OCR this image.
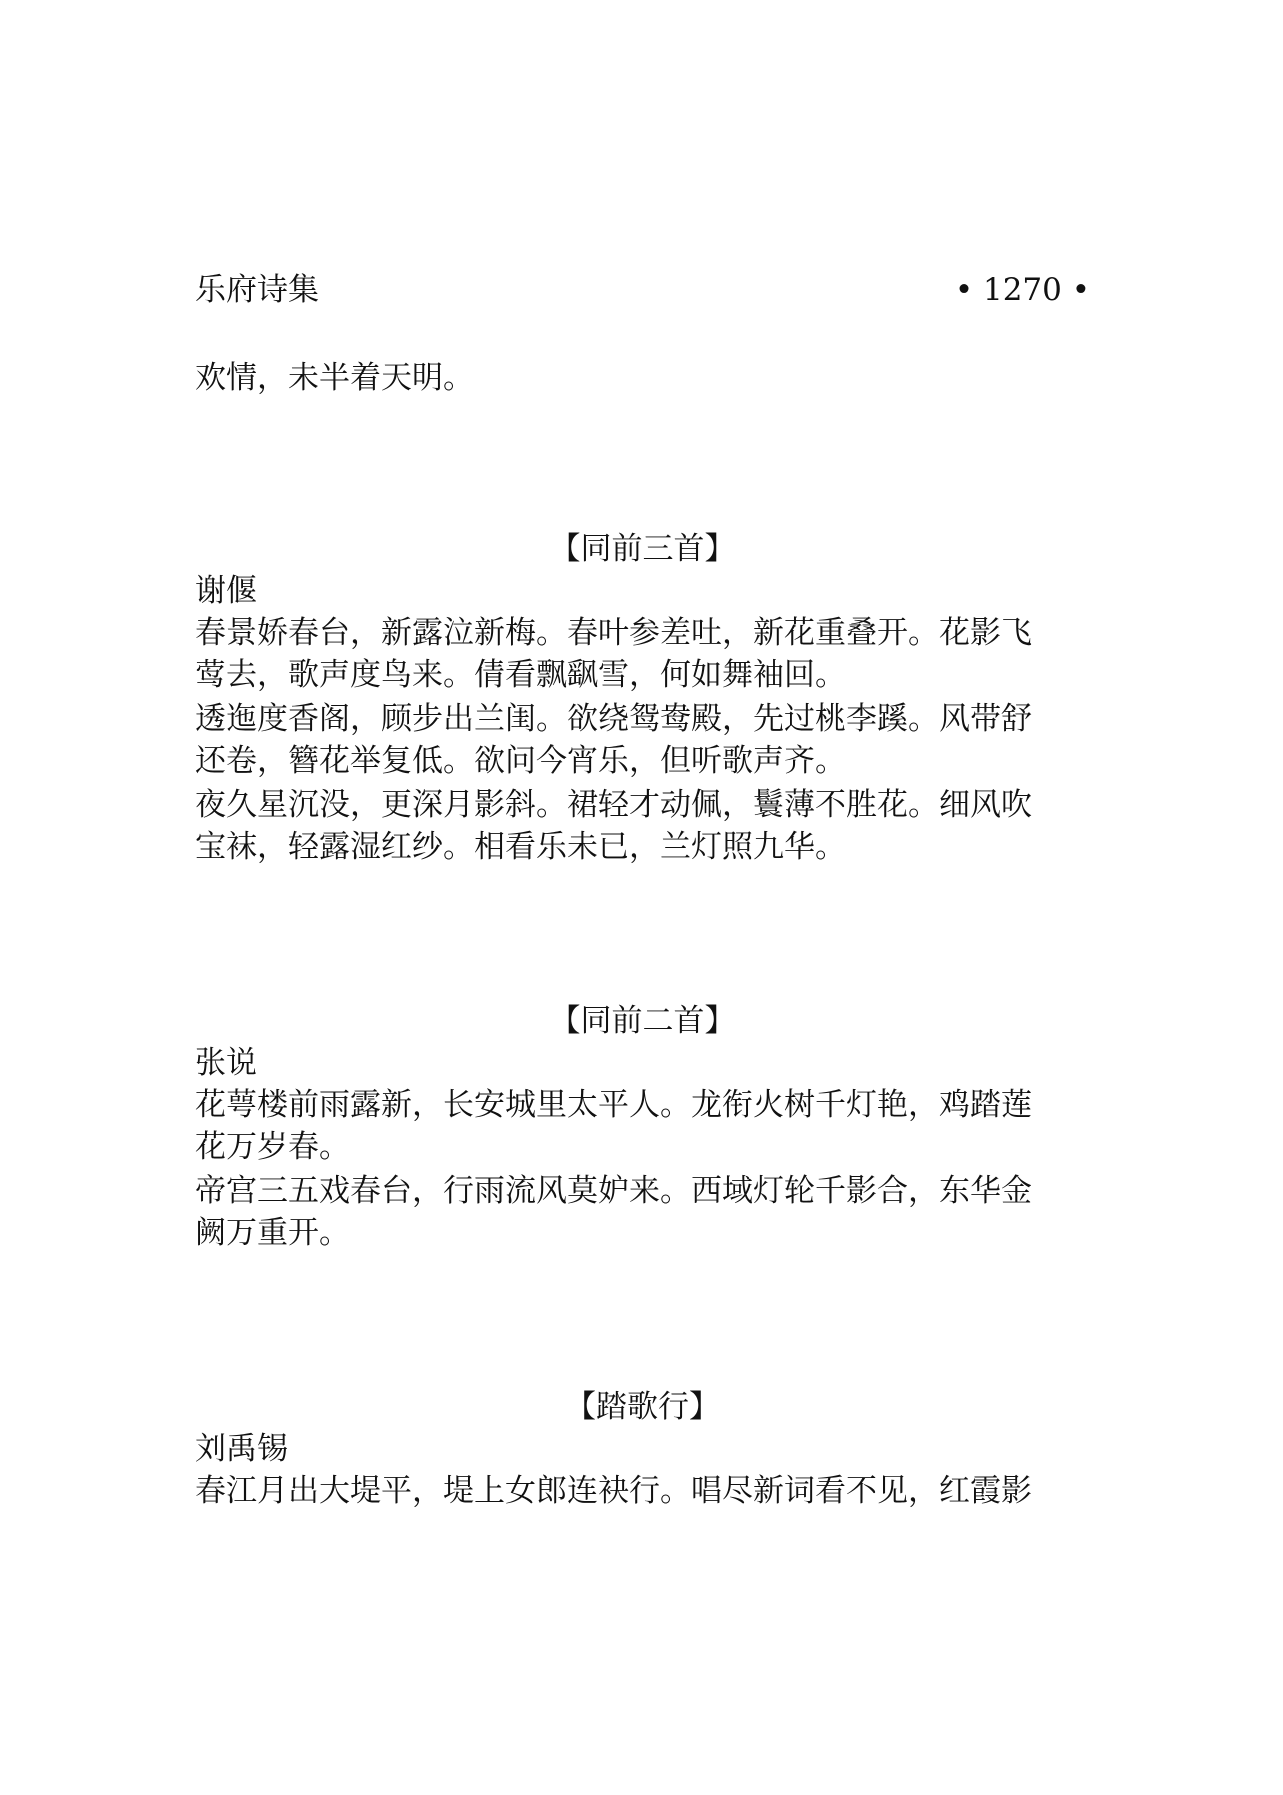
乐府诗集	• 1270 •
欢情，未半着天明。
【同前三首】
谢偃
春景娇春台，新露泣新梅。春叶参差吐，新花重叠开。花影飞
莺去，歌声度鸟来。倩看飘飖雪，何如舞袖回。
透迤度香阁，顾步出兰闺。欲绕鸳鸯殿，先过桃李蹊。风带舒
还卷，簪花举复低。欲问今宵乐，但听歌声齐。
夜久星沉没，更深月影斜。裙轻才动佩，鬟薄不胜花。细风吹
宝袜，轻露湿红纱。相看乐未已，兰灯照九华。
【同前二首】
张说
花萼楼前雨露新，长安城里太平人。龙衔火树千灯艳，鸡踏莲
花万岁春。
帝宫三五戏春台，行雨流风莫妒来。西域灯轮千影合，东华金
阙万重开。
【踏歌行】
刘禹锡
春江月出大堤平，堤上女郎连袂行。唱尽新词看不见，红霞影
